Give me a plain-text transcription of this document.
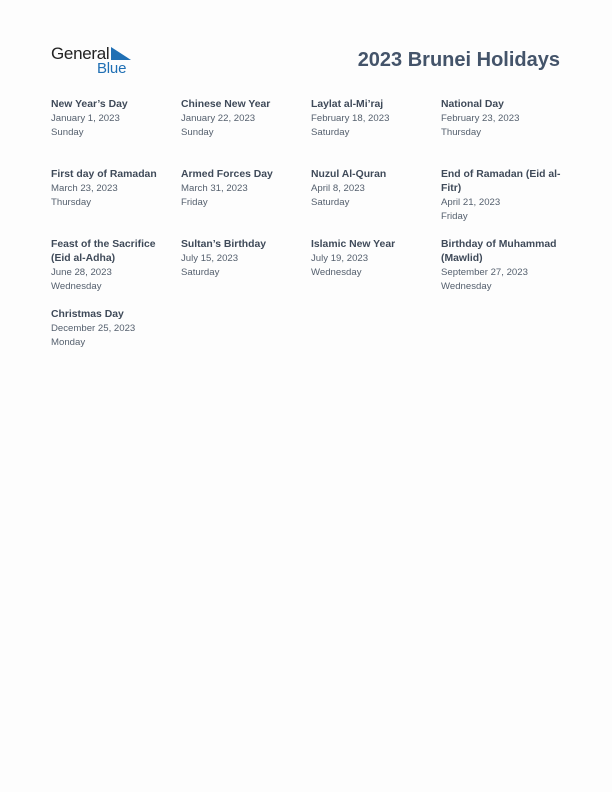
General
Blue	2023 Brunei Holidays
New Year’s Day
January 1, 2023
Sunday
Chinese New Year
January 22, 2023
Sunday
Laylat al-Mi’raj
February 18, 2023
Saturday
National Day
February 23, 2023
Thursday
First day of Ramadan
March 23, 2023
Thursday
Armed Forces Day
March 31, 2023
Friday
Nuzul Al-Quran
April 8, 2023
Saturday
End of Ramadan (Eid al-Fitr)
April 21, 2023
Friday
Feast of the Sacrifice (Eid al-Adha)
June 28, 2023
Wednesday
Sultan’s Birthday
July 15, 2023
Saturday
Islamic New Year
July 19, 2023
Wednesday
Birthday of Muhammad (Mawlid)
September 27, 2023
Wednesday
Christmas Day
December 25, 2023
Monday
